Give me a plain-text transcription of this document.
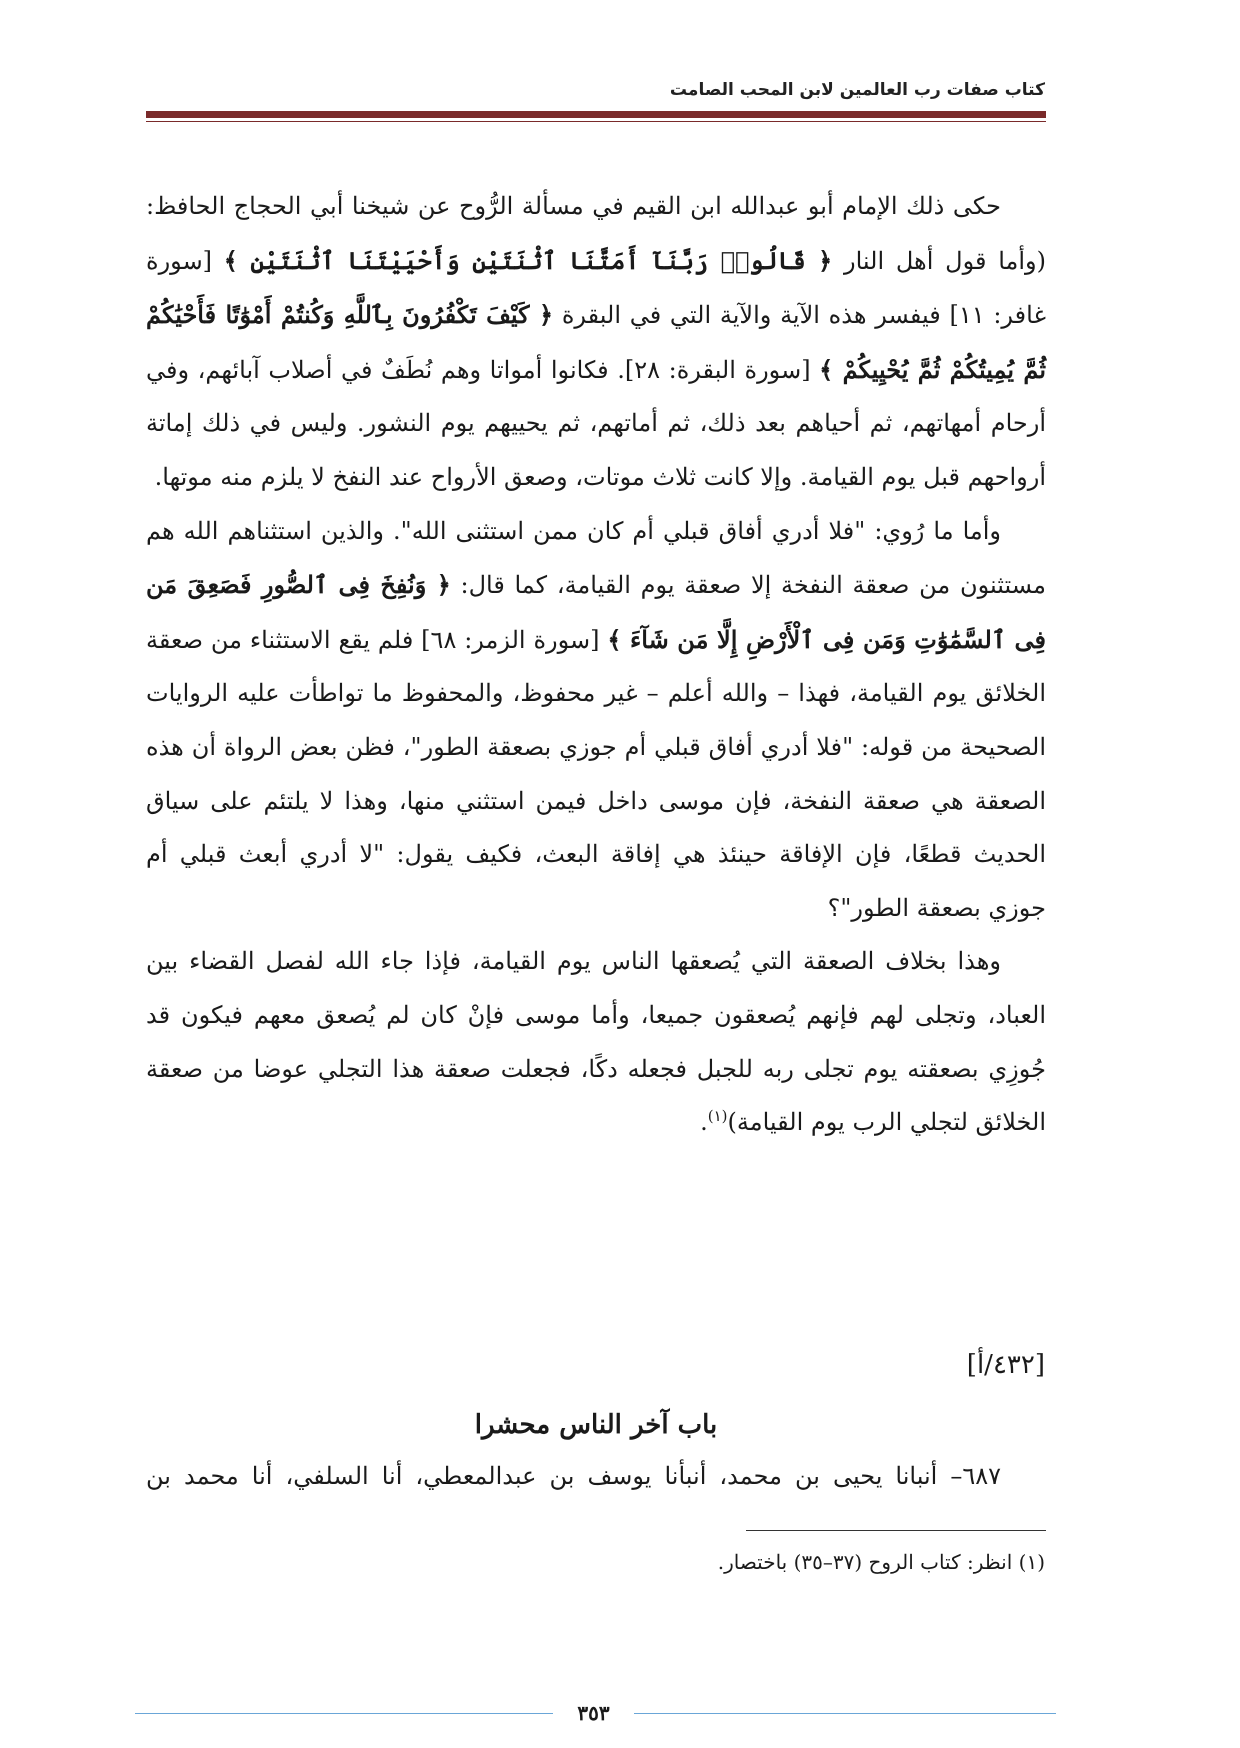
كتاب صفات رب العالمين لابن المحب الصامت

حكى ذلك الإمام أبو عبدالله ابن القيم في مسألة الرُّوح عن شيخنا أبي الحجاج الحافظ: (وأما قول أهل النار ﴿ قَالُوا۟ رَبَّنَآ أَمَتَّنَا ٱثْنَتَيْنِ وَأَحْيَيْتَنَا ٱثْنَتَيْنِ ﴾ [سورة غافر: ١١] فيفسر هذه الآية والآية التي في البقرة ﴿ كَيْفَ تَكْفُرُونَ بِٱللَّهِ وَكُنتُمْ أَمْوَٰتًا فَأَحْيَٰكُمْ ثُمَّ يُمِيتُكُمْ ثُمَّ يُحْيِيكُمْ ﴾ [سورة البقرة: ٢٨]. فكانوا أمواتا وهم نُطَفٌ في أصلاب آبائهم، وفي أرحام أمهاتهم، ثم أحياهم بعد ذلك، ثم أماتهم، ثم يحييهم يوم النشور. وليس في ذلك إماتة أرواحهم قبل يوم القيامة. وإلا كانت ثلاث موتات، وصعق الأرواح عند النفخ لا يلزم منه موتها.

وأما ما رُوي: "فلا أدري أفاق قبلي أم كان ممن استثنى الله". والذين استثناهم الله هم مستثنون من صعقة النفخة إلا صعقة يوم القيامة، كما قال: ﴿ وَنُفِخَ فِى ٱلصُّورِ فَصَعِقَ مَن فِى ٱلسَّمَٰوَٰتِ وَمَن فِى ٱلْأَرْضِ إِلَّا مَن شَآءَ ﴾ [سورة الزمر: ٦٨] فلم يقع الاستثناء من صعقة الخلائق يوم القيامة، فهذا – والله أعلم – غير محفوظ، والمحفوظ ما تواطأت عليه الروايات الصحيحة من قوله: "فلا أدري أفاق قبلي أم جوزي بصعقة الطور"، فظن بعض الرواة أن هذه الصعقة هي صعقة النفخة، فإن موسى داخل فيمن استثني منها، وهذا لا يلتئم على سياق الحديث قطعًا، فإن الإفاقة حينئذ هي إفاقة البعث، فكيف يقول: "لا أدري أبعث قبلي أم جوزي بصعقة الطور"؟

وهذا بخلاف الصعقة التي يُصعقها الناس يوم القيامة، فإذا جاء الله لفصل القضاء بين العباد، وتجلى لهم فإنهم يُصعقون جميعا، وأما موسى فإنْ كان لم يُصعق معهم فيكون قد جُوزِي بصعقته يوم تجلى ربه للجبل فجعله دكًا، فجعلت صعقة هذا التجلي عوضا من صعقة الخلائق لتجلي الرب يوم القيامة)$^{(١)}$.

[٤٣٢/أ]
باب آخر الناس محشرا
٦٨٧– أنبانا يحيى بن محمد، أنبأنا يوسف بن عبدالمعطي، أنا السلفي، أنا محمد بن
(١) انظر: كتاب الروح (٣٧–٣٥) باختصار.
٣٥٣
